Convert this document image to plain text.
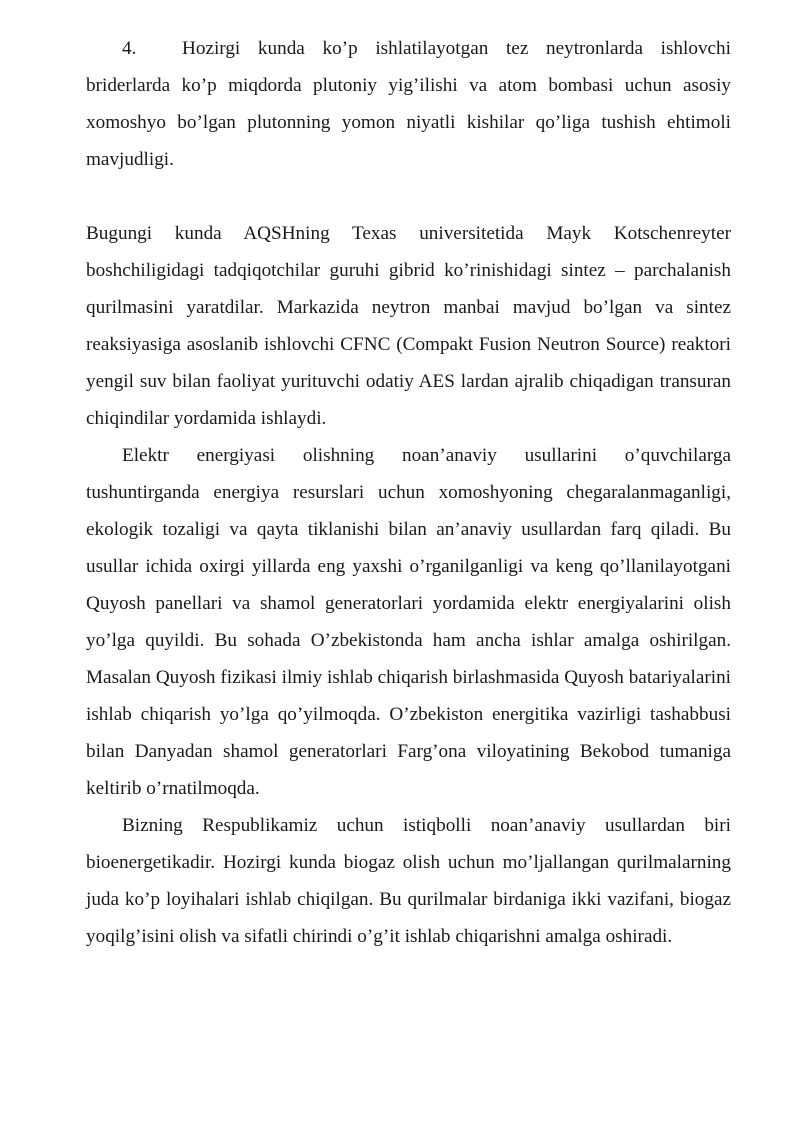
4. Hozirgi kunda ko’p ishlatilayotgan tez neytronlarda ishlovchi briderlarda ko’p miqdorda plutoniy yig’ilishi va atom bombasi uchun asosiy xomoshyo bo’lgan plutonning yomon niyatli kishilar qo’liga tushish ehtimoli mavjudligi.

Bugungi kunda AQSHning Texas universitetida Mayk Kotschenreyter boshchiligidagi tadqiqotchilar guruhi gibrid ko’rinishidagi sintez – parchalanish qurilmasini yaratdilar. Markazida neytron manbai mavjud bo’lgan va sintez reaksiyasiga asoslanib ishlovchi CFNC (Compakt Fusion Neutron Source) reaktori yengil suv bilan faoliyat yurituvchi odatiy AES lardan ajralib chiqadigan transuran chiqindilar yordamida ishlaydi.

Elektr energiyasi olishning noan’anaviy usullarini o’quvchilarga tushuntirganda energiya resurslari uchun xomoshyoning chegaralanmaganligi, ekologik tozaligi va qayta tiklanishi bilan an’anaviy usullardan farq qiladi. Bu usullar ichida oxirgi yillarda eng yaxshi o’rganilganligi va keng qo’llanilayotgani Quyosh panellari va shamol generatorlari yordamida elektr energiyalarini olish yo’lga quyildi. Bu sohada O’zbekistonda ham ancha ishlar amalga oshirilgan. Masalan Quyosh fizikasi ilmiy ishlab chiqarish birlashmasida Quyosh batariyalarini ishlab chiqarish yo’lga qo’yilmoqda. O’zbekiston energitika vazirligi tashabbusi bilan Danyadan shamol generatorlari Farg’ona viloyatining Bekobod tumaniga keltirib o’rnatilmoqda.

Bizning Respublikamiz uchun istiqbolli noan’anaviy usullardan biri bioenergetikadir. Hozirgi kunda biogaz olish uchun mo’ljallangan qurilmalarning juda ko’p loyihalari ishlab chiqilgan. Bu qurilmalar birdaniga ikki vazifani, biogaz yoqilg’isini olish va sifatli chirindi o’g’it ishlab chiqarishni amalga oshiradi.
